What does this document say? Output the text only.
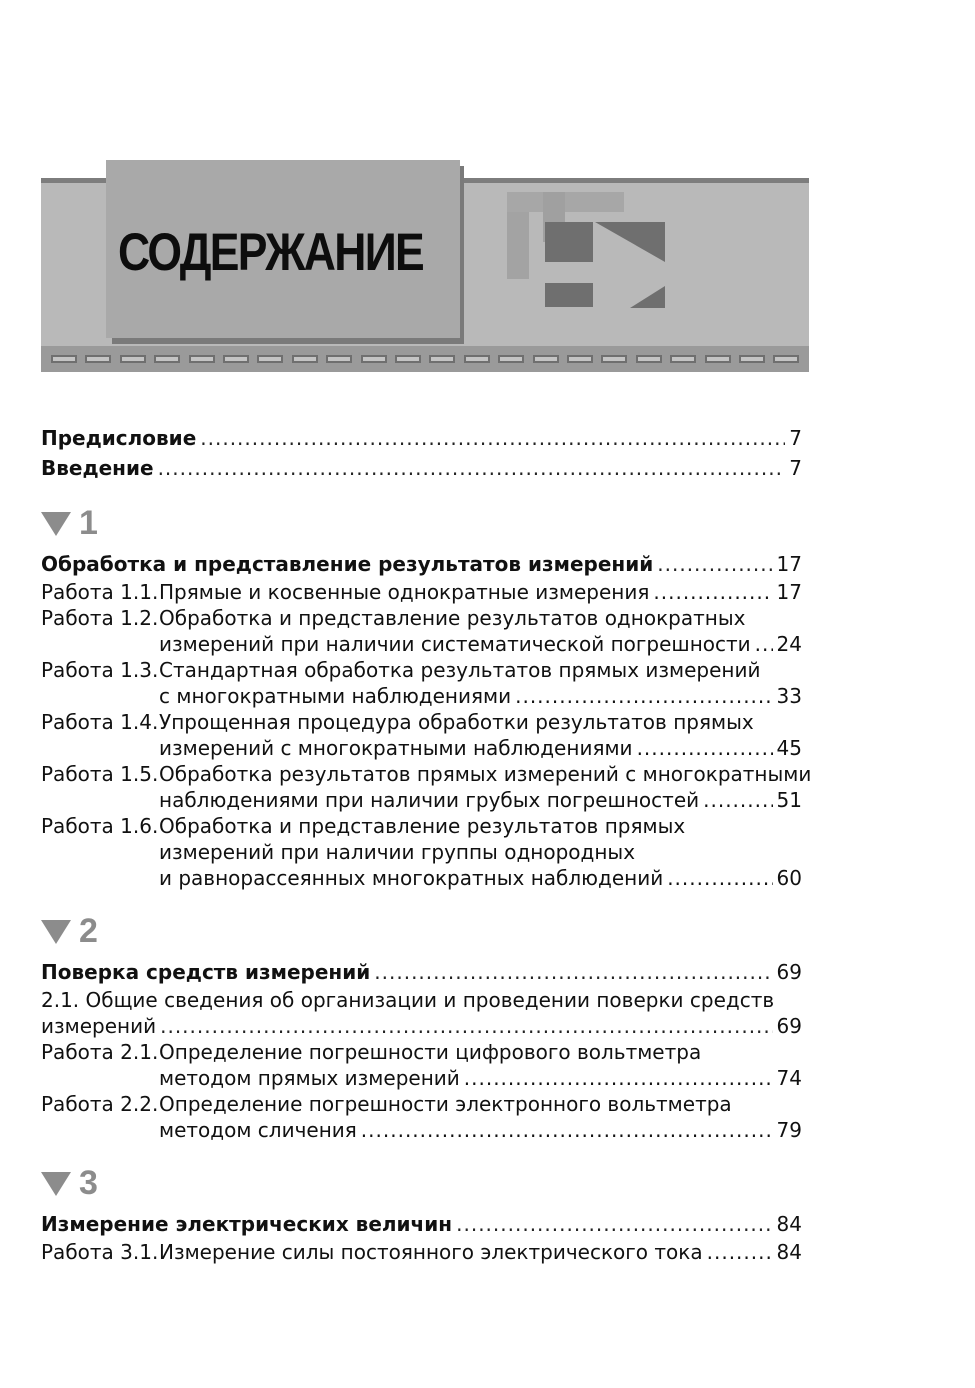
СОДЕРЖАНИЕ
Предисловие .....	7
Введение .....	7
1
Обработка и представление результатов измерений .....	17
Работа 1.1. Прямые и косвенные однократные измерения .....	17
Работа 1.2. Обработка и представление результатов однократных
измерений при наличии систематической погрешности ..... 24
Работа 1.3. Стандартная обработка результатов прямых измерений
с многократными наблюдениями .....	33
Работа 1.4. Упрощенная процедура обработки результатов прямых
измерений с многократными наблюдениями .....	45
Работа 1.5. Обработка результатов прямых измерений с многократными
наблюдениями при наличии грубых погрешностей .....	51
Работа 1.6. Обработка и представление результатов прямых
измерений при наличии группы однородных
и равнорассеянных многократных наблюдений .....	60
2
Поверка средств измерений .....	69
2.1. Общие сведения об организации и проведении поверки средств
измерений .....	69
Работа 2.1. Определение погрешности цифрового вольтметра
методом прямых измерений .....	74
Работа 2.2. Определение погрешности электронного вольтметра
методом сличения .....	79
3
Измерение электрических величин .....	84
Работа 3.1. Измерение силы постоянного электрического тока .....	84
